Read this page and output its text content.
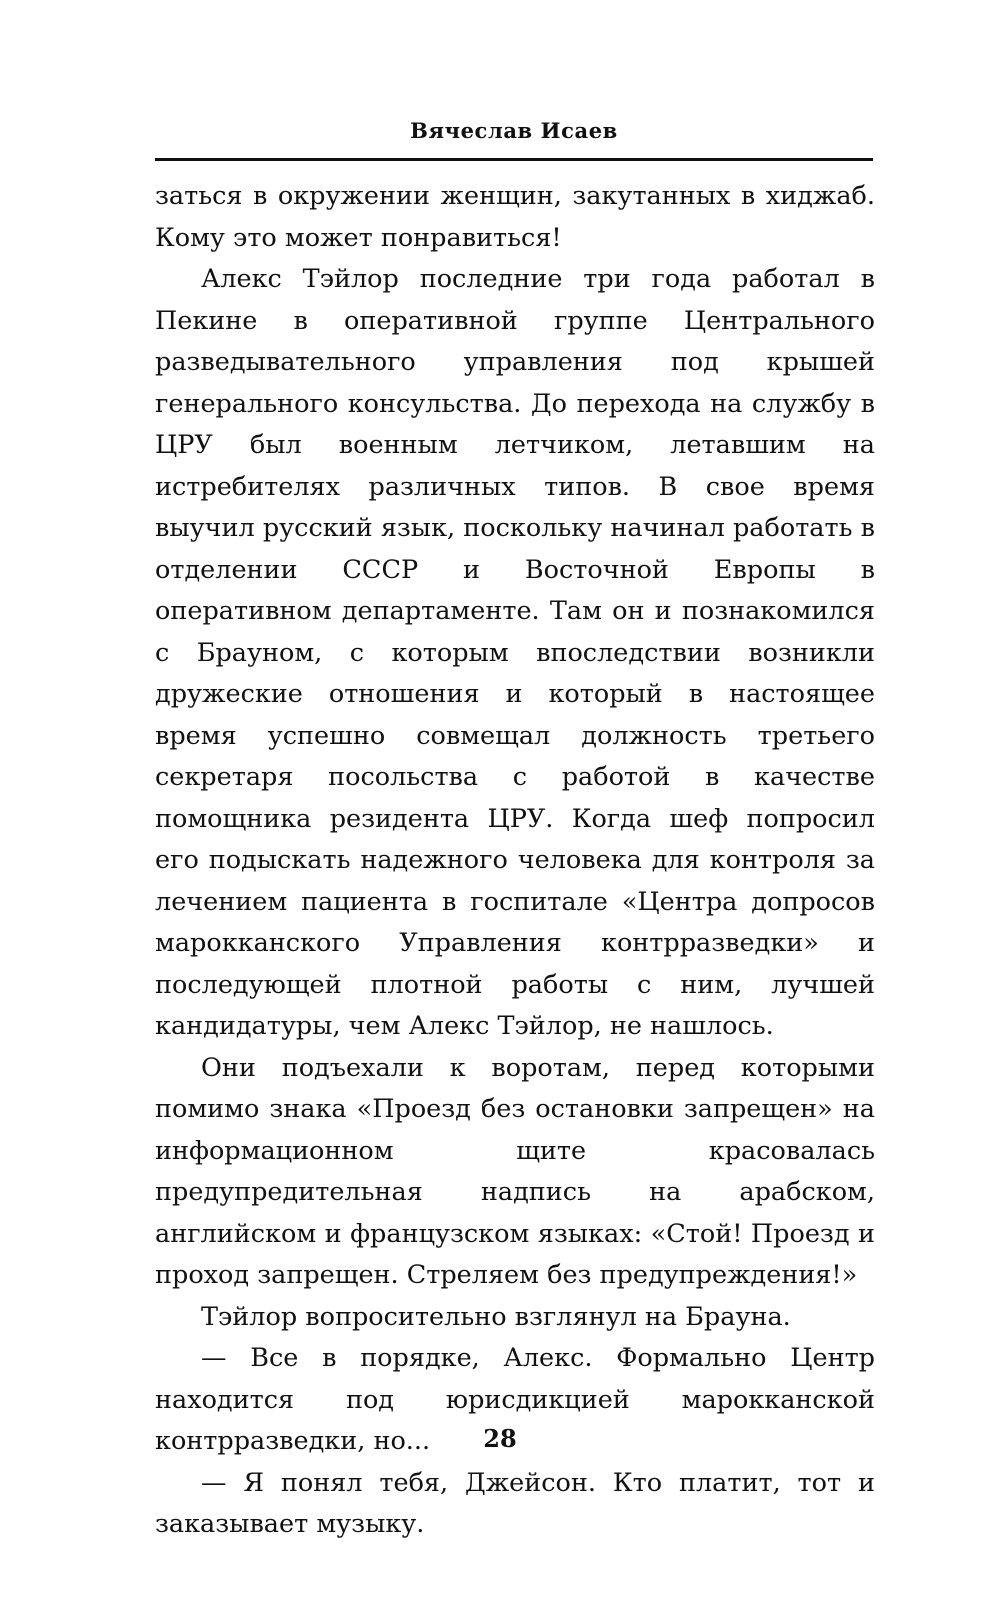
Вячеслав Исаев

заться в окружении женщин, закутанных в хиджаб. Кому это может понравиться!

Алекс Тэйлор последние три года работал в Пекине в оперативной группе Центрального разведывательного управления под крышей генерального консульства. До перехода на службу в ЦРУ был военным летчиком, летавшим на истребителях различных типов. В свое время выучил русский язык, поскольку начинал работать в отделении СССР и Восточной Европы в оперативном департаменте. Там он и познакомился с Брауном, с которым впоследствии возникли дружеские отношения и который в настоящее время успешно совмещал должность третьего секретаря посольства с работой в качестве помощника резидента ЦРУ. Когда шеф попросил его подыскать надежного человека для контроля за лечением пациента в госпитале «Центра допросов марокканского Управления контрразведки» и последующей плотной работы с ним, лучшей кандидатуры, чем Алекс Тэйлор, не нашлось.

Они подъехали к воротам, перед которыми помимо знака «Проезд без остановки запрещен» на информационном щите красовалась предупредительная надпись на арабском, английском и французском языках: «Стой! Проезд и проход запрещен. Стреляем без предупреждения!»

Тэйлор вопросительно взглянул на Брауна.

— Все в порядке, Алекс. Формально Центр находится под юрисдикцией марокканской контрразведки, но...

— Я понял тебя, Джейсон. Кто платит, тот и заказывает музыку.

28
